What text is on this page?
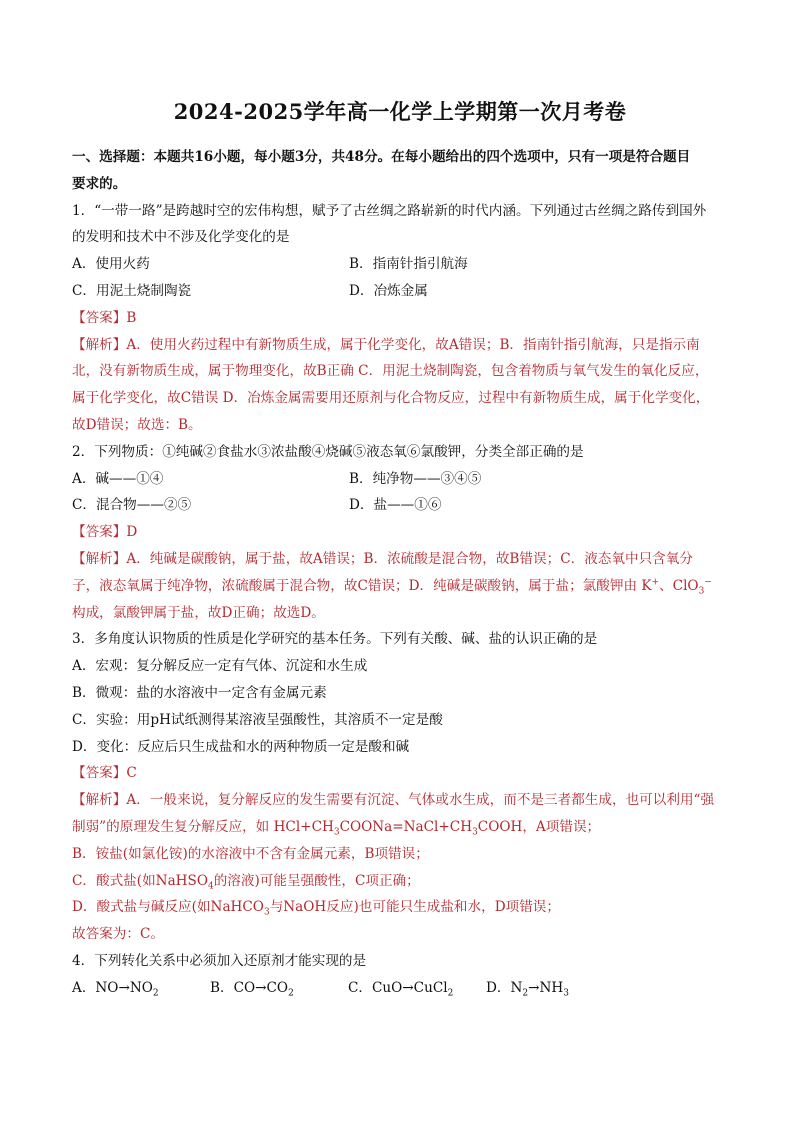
2024-2025学年高一化学上学期第一次月考卷

一、选择题：本题共16小题，每小题3分，共48分。在每小题给出的四个选项中，只有一项是符合题目
要求的。

1．“一带一路”是跨越时空的宏伟构想，赋予了古丝绸之路崭新的时代内涵。下列通过古丝绸之路传到国外
的发明和技术中不涉及化学变化的是

A．使用火药	B．指南针指引航海
C．用泥土烧制陶瓷	D．冶炼金属

【答案】B

【解析】A．使用火药过程中有新物质生成，属于化学变化，故A错误；B．指南针指引航海，只是指示南
北，没有新物质生成，属于物理变化，故B正确 C．用泥土烧制陶瓷，包含着物质与氧气发生的氧化反应，
属于化学变化，故C错误 D．冶炼金属需要用还原剂与化合物反应，过程中有新物质生成，属于化学变化，
故D错误；故选：B。

2．下列物质：①纯碱②食盐水③浓盐酸④烧碱⑤液态氧⑥氯酸钾，分类全部正确的是

A．碱——①④	B．纯净物——③④⑤
C．混合物——②⑤	D．盐——①⑥

【答案】D

【解析】A．纯碱是碳酸钠，属于盐，故A错误；B．浓硫酸是混合物，故B错误；C．液态氧中只含氧分
子，液态氧属于纯净物，浓硫酸属于混合物，故C错误；D．纯碱是碳酸钠，属于盐；氯酸钾由 K+、ClO$_3$−
构成，氯酸钾属于盐，故D正确；故选D。

3．多角度认识物质的性质是化学研究的基本任务。下列有关酸、碱、盐的认识正确的是

A．宏观：复分解反应一定有气体、沉淀和水生成

B．微观：盐的水溶液中一定含有金属元素

C．实验：用pH试纸测得某溶液呈强酸性，其溶质不一定是酸

D．变化：反应后只生成盐和水的两种物质一定是酸和碱

【答案】C

【解析】A．一般来说，复分解反应的发生需要有沉淀、气体或水生成，而不是三者都生成，也可以利用“强
制弱”的原理发生复分解反应，如 $HCl+CH_3COONa=NaCl+CH_3COOH$，A项错误；

B．铵盐(如氯化铵)的水溶液中不含有金属元素，B项错误；

C．酸式盐(如NaHSO$_4$的溶液)可能呈强酸性，C项正确；

D．酸式盐与碱反应(如NaHCO$_3$与NaOH反应)也可能只生成盐和水，D项错误；

故答案为：C。

4．下列转化关系中必须加入还原剂才能实现的是

A．$NO\to NO_2$	B．$CO\to CO_2$	C．CuO→CuCl$_2$	D．$N_2\to NH_3$
